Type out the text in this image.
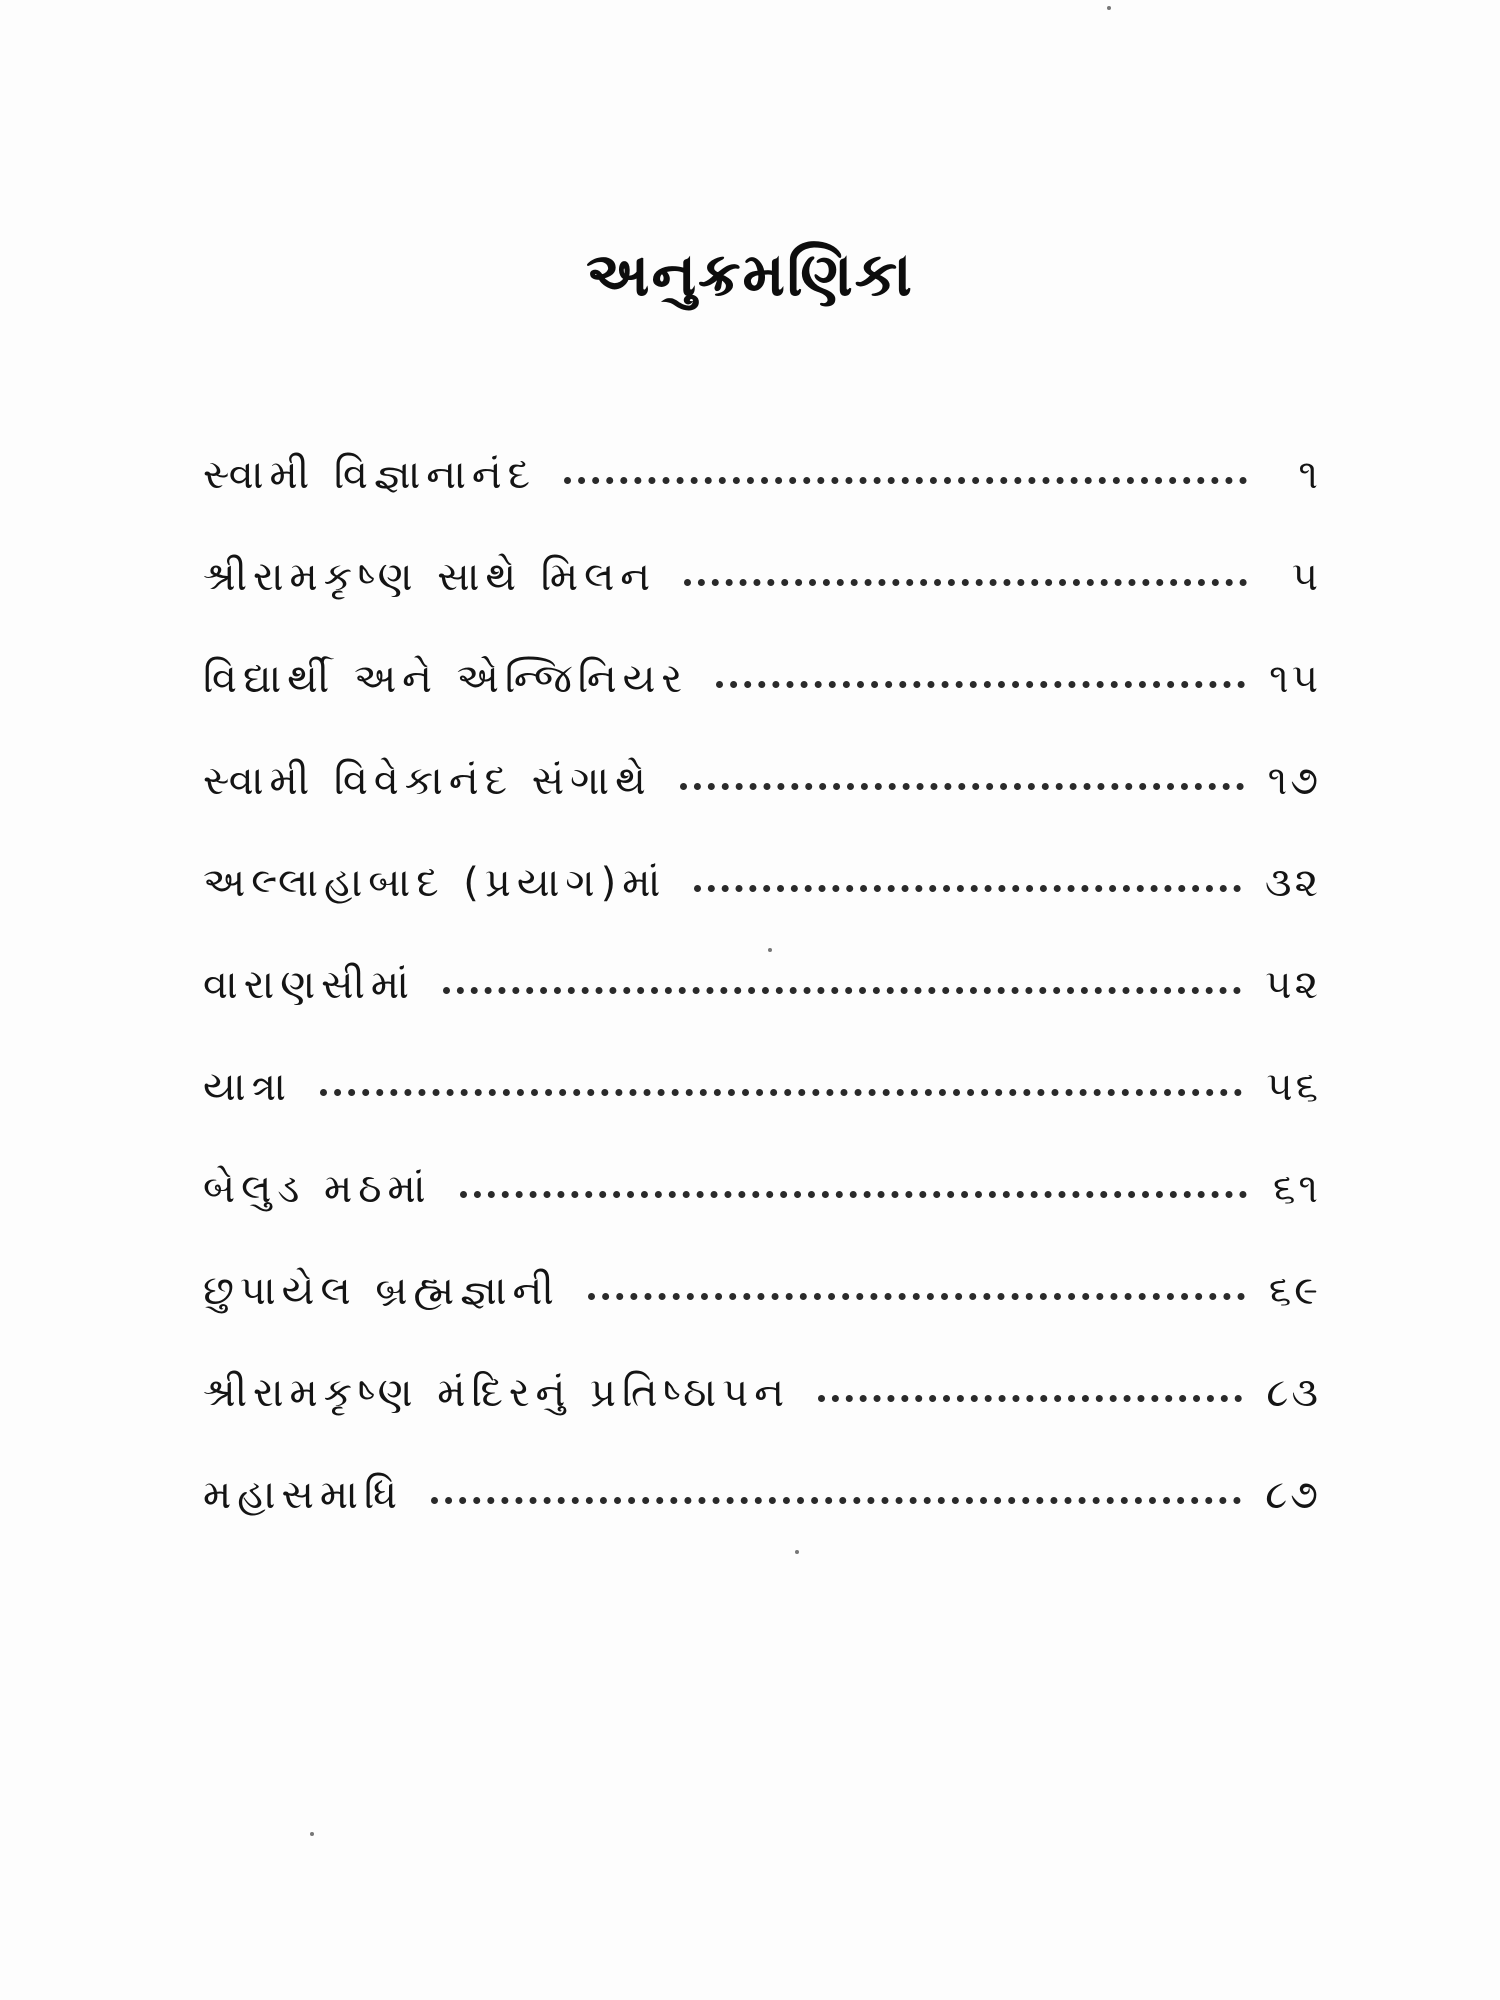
અનુક્રમણિકા
સ્વામી વિજ્ઞાનાનંદ	૧
શ્રીરામકૃષ્ણ સાથે મિલન	૫
વિદ્યાર્થી અને એન્જિનિયર	૧૫
સ્વામી વિવેકાનંદ સંગાથે	૧૭
અલ્લાહાબાદ (પ્રયાગ)માં	૩૨
વારાણસીમાં	૫૨
યાત્રા	૫૬
બેલુડ મઠમાં	૬૧
છુપાયેલ બ્રહ્મજ્ઞાની	૬૯
શ્રીરામકૃષ્ણ મંદિરનું પ્રતિષ્ઠાપન	૮૩
મહાસમાધિ	૮૭
